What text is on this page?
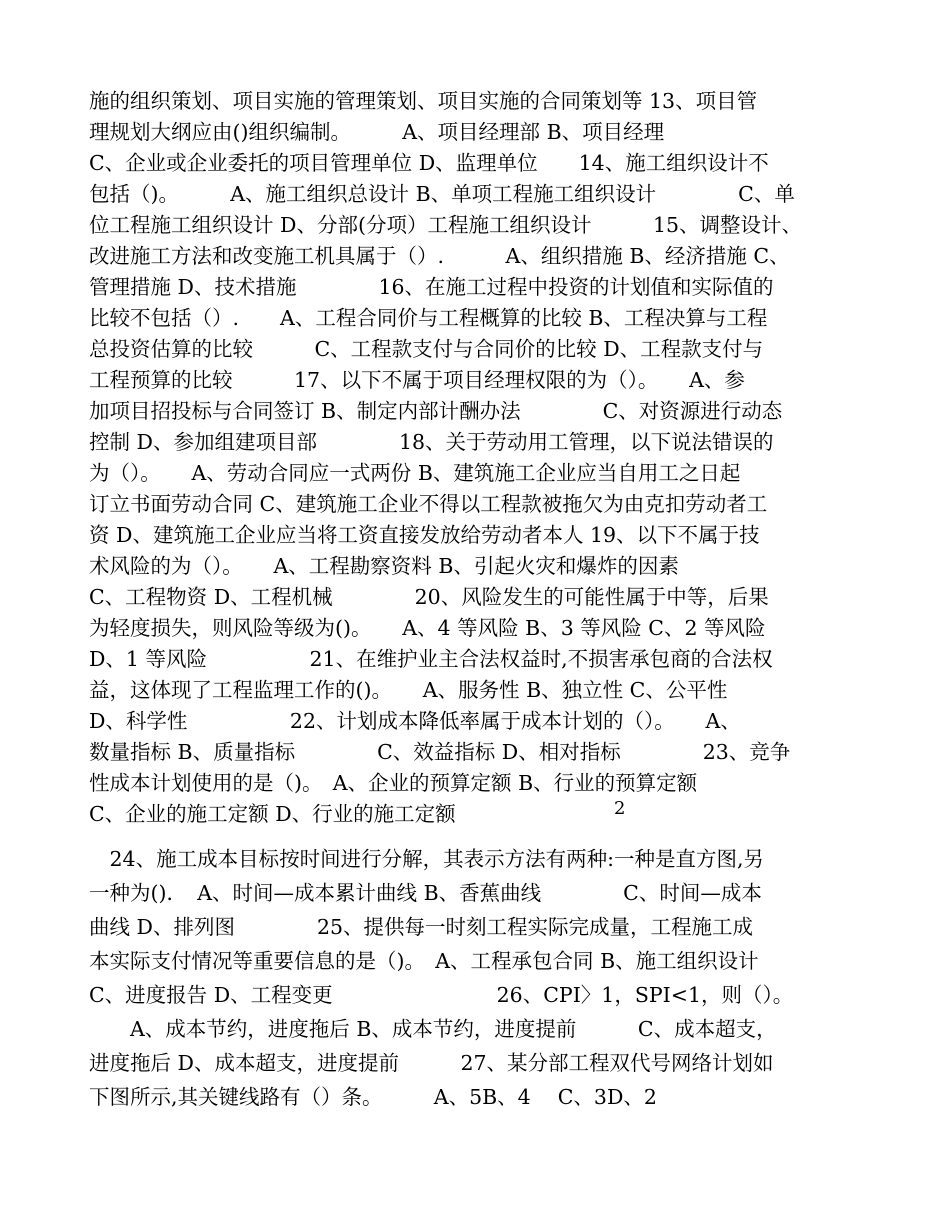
施的组织策划、项目实施的管理策划、项目实施的合同策划等 13、项目管
理规划大纲应由()组织编制。　　　A、项目经理部 B、项目经理
C、企业或企业委托的项目管理单位 D、监理单位　　14、施工组织设计不
包括（)。　　　A、施工组织总设计 B、单项工程施工组织设计　　　　C、单
位工程施工组织设计 D、分部(分项）工程施工组织设计　　　15、调整设计、
改进施工方法和改变施工机具属于（）.　　　A、组织措施 B、经济措施 C、
管理措施 D、技术措施　　　　16、在施工过程中投资的计划值和实际值的
比较不包括（）.　　A、工程合同价与工程概算的比较 B、工程决算与工程
总投资估算的比较　　　C、工程款支付与合同价的比较 D、工程款支付与
工程预算的比较　　　17、以下不属于项目经理权限的为（）。　　A、参
加项目招投标与合同签订 B、制定内部计酬办法　　　　C、对资源进行动态
控制 D、参加组建项目部　　　　18、关于劳动用工管理，以下说法错误的
为（）。　　A、劳动合同应一式两份 B、建筑施工企业应当自用工之日起
订立书面劳动合同 C、建筑施工企业不得以工程款被拖欠为由克扣劳动者工
资 D、建筑施工企业应当将工资直接发放给劳动者本人 19、以下不属于技
术风险的为（）。　　A、工程勘察资料 B、引起火灾和爆炸的因素
C、工程物资 D、工程机械　　　　20、风险发生的可能性属于中等，后果
为轻度损失，则风险等级为()。　　A、4 等风险 B、3 等风险 C、2 等风险
D、1 等风险　　　　　21、在维护业主合法权益时,不损害承包商的合法权
益，这体现了工程监理工作的()。　　A、服务性 B、独立性 C、公平性
D、科学性　　　　　22、计划成本降低率属于成本计划的（）。　　A、
数量指标 B、质量指标　　　　C、效益指标 D、相对指标　　　　23、竞争
性成本计划使用的是（)。　A、企业的预算定额 B、行业的预算定额
C、企业的施工定额 D、行业的施工定额	2
　24、施工成本目标按时间进行分解，其表示方法有两种:一种是直方图,另
一种为()．　A、时间—成本累计曲线 B、香蕉曲线　　　　C、时间—成本
曲线 D、排列图　　　　25、提供每一时刻工程实际完成量，工程施工成
本实际支付情况等重要信息的是（)。　A、工程承包合同 B、施工组织设计
C、进度报告 D、工程变更　　　　　　　　26、CPI〉1，SPI<1，则（）。
　　A、成本节约，进度拖后 B、成本节约，进度提前　　　C、成本超支，
进度拖后 D、成本超支，进度提前　　　27、某分部工程双代号网络计划如
下图所示,其关键线路有（）条。　　　A、5B、4　 C、3D、2
